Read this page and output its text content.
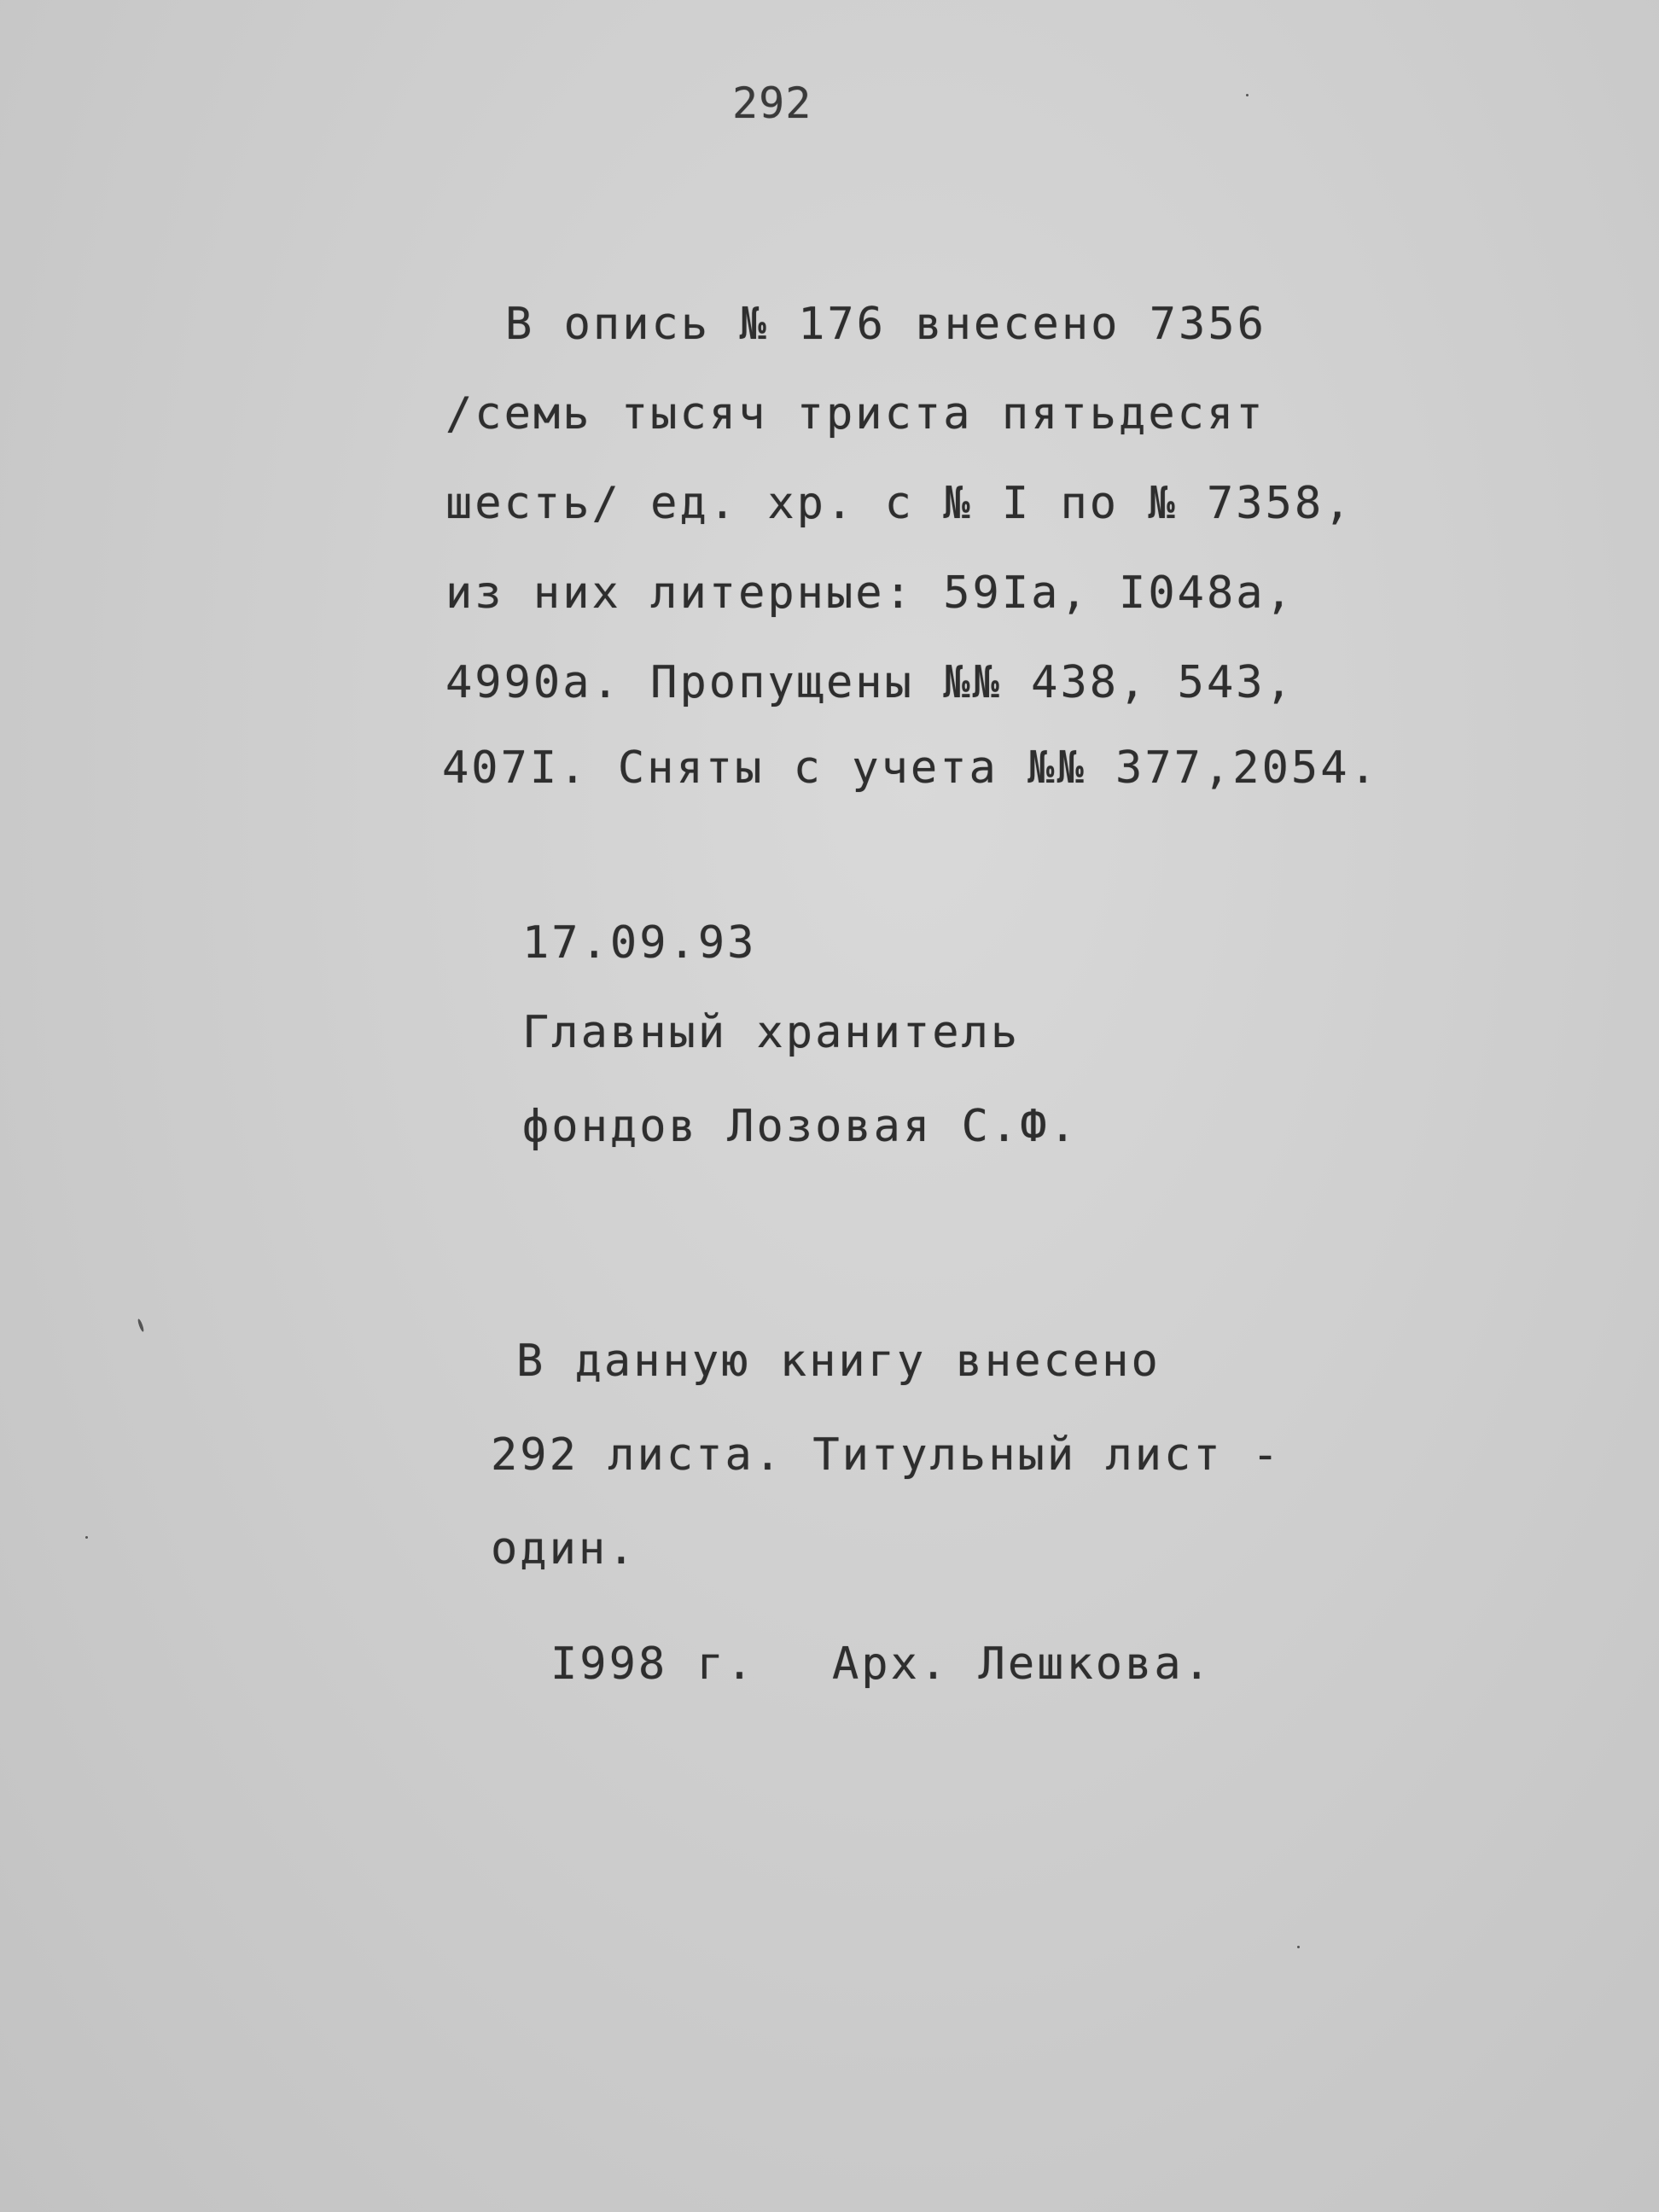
292
В опись № 176 внесено 7356
/семь тысяч триста пятьдесят
шесть/ ед. хр. с № I по № 7358,
из них литерные: 59Iа, I048а,
4990а. Пропущены №№ 438, 543,
407I. Сняты с учета №№ 377,2054.
17.09.93
Главный хранитель
фондов Лозовая С.Ф.
В данную книгу внесено
292 листа. Титульный лист -
один.
I998 г. Арх. Лешкова.
